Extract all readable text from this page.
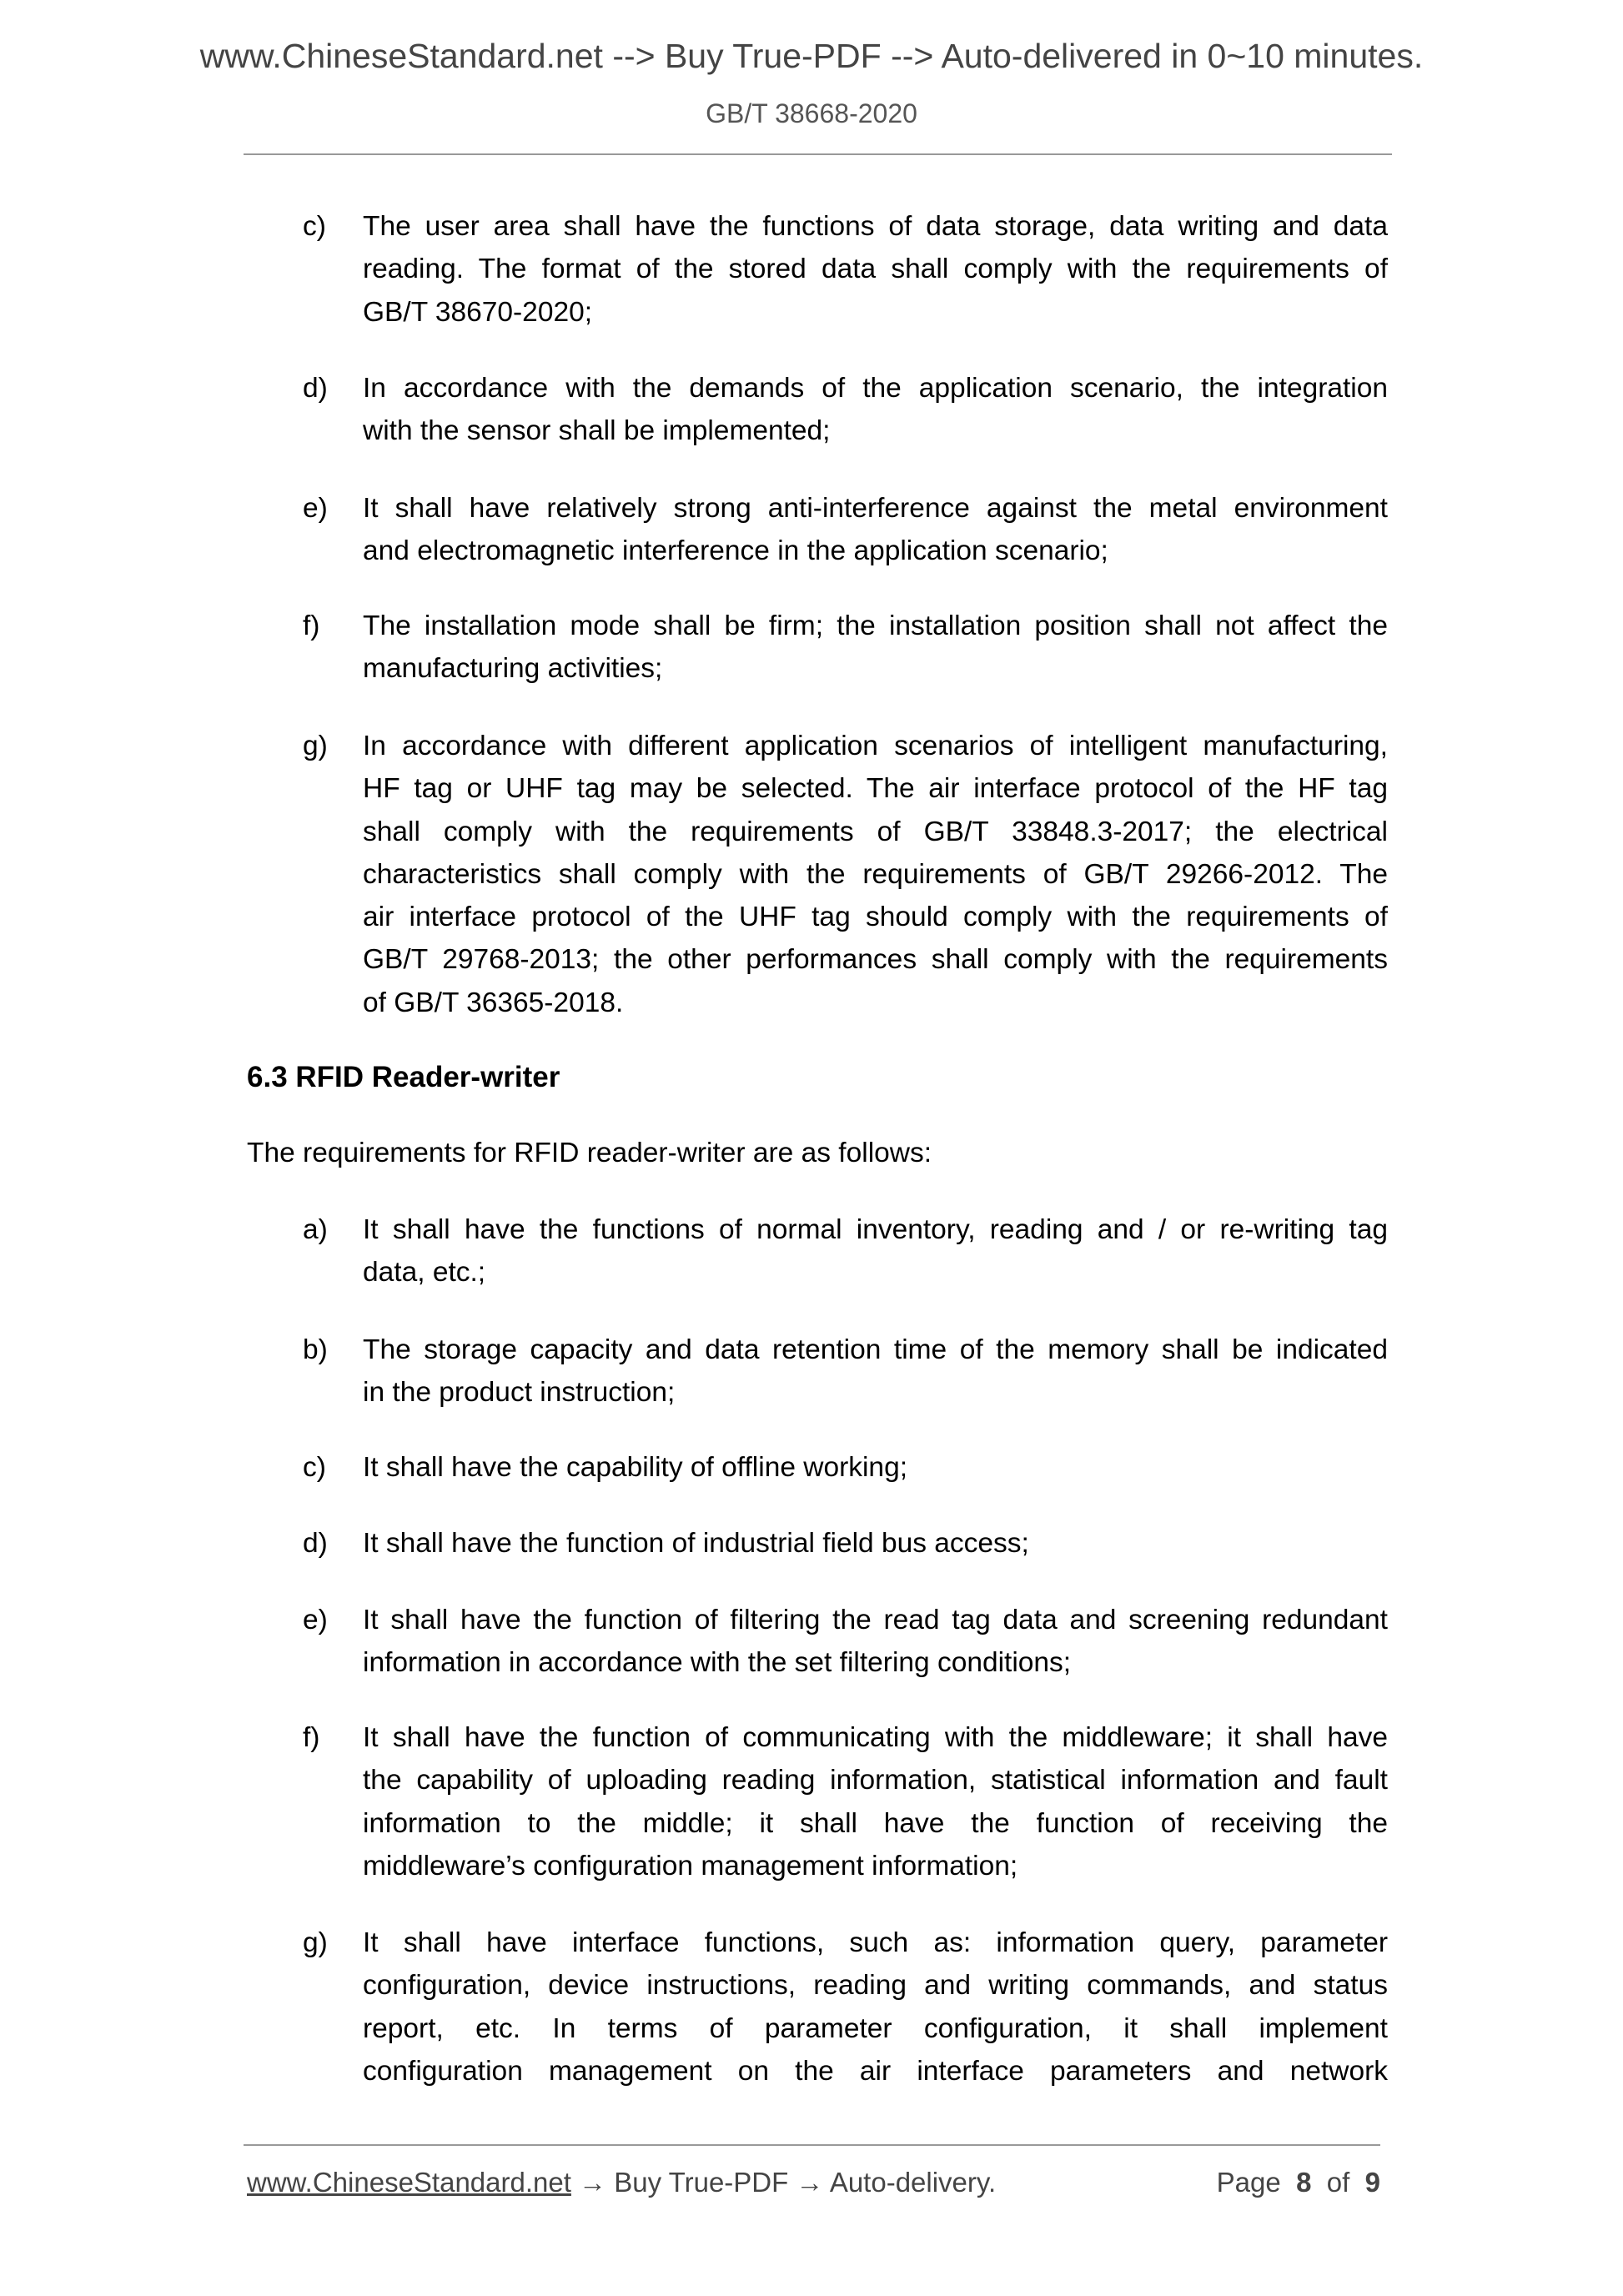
www.ChineseStandard.net --> Buy True-PDF --> Auto-delivered in 0~10 minutes.
GB/T 38668-2020
c) The user area shall have the functions of data storage, data writing and data
reading. The format of the stored data shall comply with the requirements of
GB/T 38670-2020;
d) In accordance with the demands of the application scenario, the integration
with the sensor shall be implemented;
e) It shall have relatively strong anti-interference against the metal environment
and electromagnetic interference in the application scenario;
f) The installation mode shall be firm; the installation position shall not affect the
manufacturing activities;
g) In accordance with different application scenarios of intelligent manufacturing,
HF tag or UHF tag may be selected. The air interface protocol of the HF tag
shall comply with the requirements of GB/T 33848.3-2017; the electrical
characteristics shall comply with the requirements of GB/T 29266-2012. The
air interface protocol of the UHF tag should comply with the requirements of
GB/T 29768-2013; the other performances shall comply with the requirements
of GB/T 36365-2018.
6.3 RFID Reader-writer
The requirements for RFID reader-writer are as follows:
a) It shall have the functions of normal inventory, reading and / or re-writing tag
data, etc.;
b) The storage capacity and data retention time of the memory shall be indicated
in the product instruction;
c) It shall have the capability of offline working;
d) It shall have the function of industrial field bus access;
e) It shall have the function of filtering the read tag data and screening redundant
information in accordance with the set filtering conditions;
f) It shall have the function of communicating with the middleware; it shall have
the capability of uploading reading information, statistical information and fault
information to the middle; it shall have the function of receiving the
middleware’s configuration management information;
g) It shall have interface functions, such as: information query, parameter
configuration, device instructions, reading and writing commands, and status
report, etc. In terms of parameter configuration, it shall implement
configuration management on the air interface parameters and network
www.ChineseStandard.net → Buy True-PDF → Auto-delivery.	Page 8 of 9
